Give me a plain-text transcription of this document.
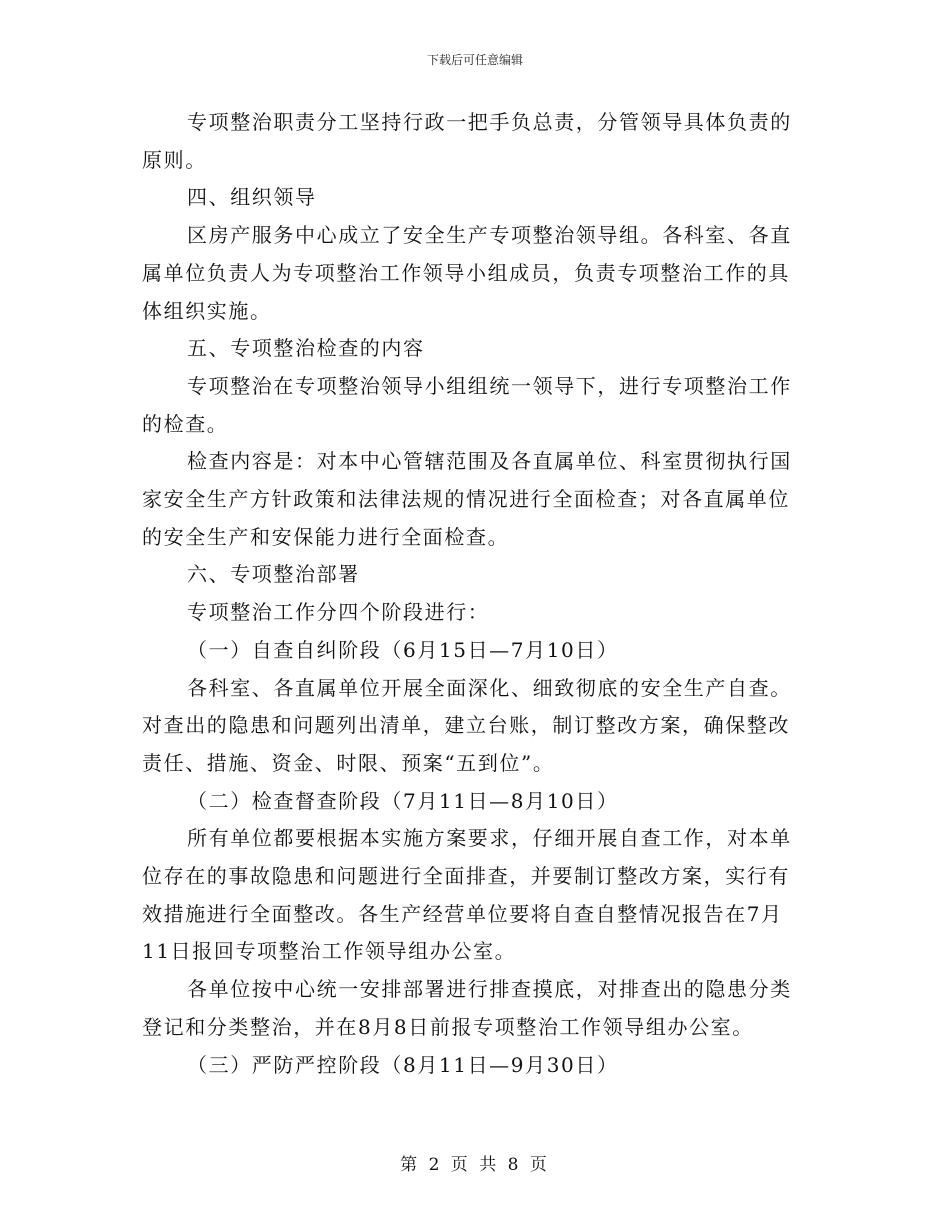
下载后可任意编辑

专项整治职责分工坚持行政一把手负总责，分管领导具体负责的原则。

四、组织领导

区房产服务中心成立了安全生产专项整治领导组。各科室、各直属单位负责人为专项整治工作领导小组成员，负责专项整治工作的具体组织实施。

五、专项整治检查的内容

专项整治在专项整治领导小组组统一领导下，进行专项整治工作的检查。

检查内容是：对本中心管辖范围及各直属单位、科室贯彻执行国家安全生产方针政策和法律法规的情况进行全面检查；对各直属单位的安全生产和安保能力进行全面检查。

六、专项整治部署

专项整治工作分四个阶段进行：

（一）自查自纠阶段（6月15日—7月10日）

各科室、各直属单位开展全面深化、细致彻底的安全生产自查。对查出的隐患和问题列出清单，建立台账，制订整改方案，确保整改责任、措施、资金、时限、预案“五到位”。

（二）检查督查阶段（7月11日—8月10日）

所有单位都要根据本实施方案要求，仔细开展自查工作，对本单位存在的事故隐患和问题进行全面排查，并要制订整改方案，实行有效措施进行全面整改。各生产经营单位要将自查自整情况报告在7月11日报回专项整治工作领导组办公室。

各单位按中心统一安排部署进行排查摸底，对排查出的隐患分类登记和分类整治，并在8月8日前报专项整治工作领导组办公室。

（三）严防严控阶段（8月11日—9月30日）

第 2 页 共 8 页
